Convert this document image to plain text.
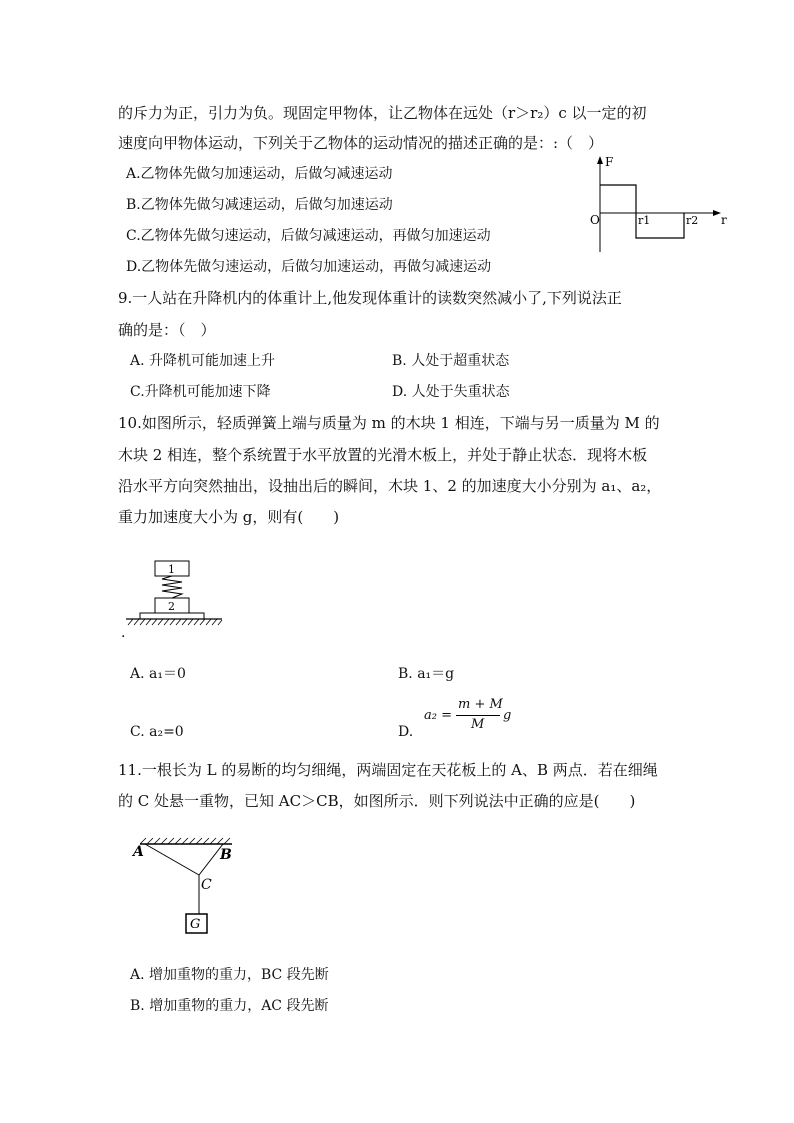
的斥力为正，引力为负。现固定甲物体，让乙物体在远处（r＞r₂）c 以一定的初
速度向甲物体运动，下列关于乙物体的运动情况的描述正确的是：:（　）
A.乙物体先做匀加速运动，后做匀减速运动
B.乙物体先做匀减速运动，后做匀加速运动
C.乙物体先做匀速运动，后做匀减速运动，再做匀加速运动
D.乙物体先做匀速运动，后做匀加速运动，再做匀减速运动
F
r
O	r1	r2
9.一人站在升降机内的体重计上,他发现体重计的读数突然减小了,下列说法正
确的是：（　）
A. 升降机可能加速上升	B. 人处于超重状态
C.升降机可能加速下降	D. 人处于失重状态
10.如图所示，轻质弹簧上端与质量为 m 的木块 1 相连，下端与另一质量为 M 的
木块 2 相连，整个系统置于水平放置的光滑木板上，并处于静止状态．现将木板
沿水平方向突然抽出，设抽出后的瞬间，木块 1、2 的加速度大小分别为 a₁、a₂，
重力加速度大小为 g，则有(　　)
1
2
·
A. a₁＝0	B. a₁＝g
C. a₂=0	D.
a₂ =
m + M
M
g
11.一根长为 L 的易断的均匀细绳，两端固定在天花板上的 A、B 两点．若在细绳
的 C 处悬一重物，已知 AC＞CB，如图所示．则下列说法中正确的应是(　　)
G
A	B
C
A. 增加重物的重力，BC 段先断
B. 增加重物的重力，AC 段先断
